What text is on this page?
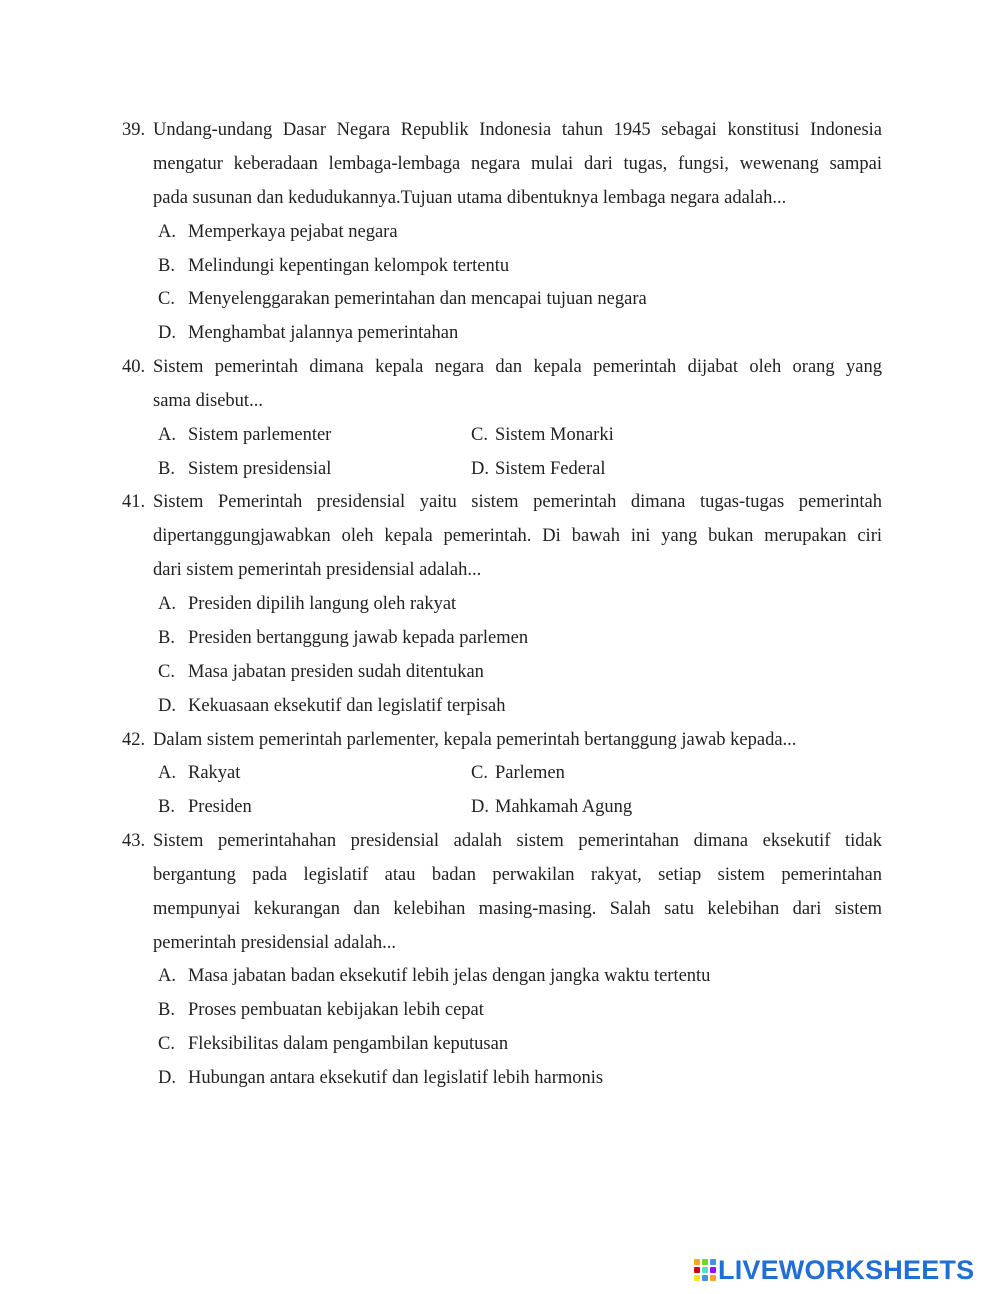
39. Undang-undang Dasar Negara Republik Indonesia tahun 1945 sebagai konstitusi Indonesia
mengatur keberadaan lembaga-lembaga negara mulai dari tugas, fungsi, wewenang sampai
pada susunan dan kedudukannya.Tujuan utama dibentuknya lembaga negara adalah...
A. Memperkaya pejabat negara
B. Melindungi kepentingan kelompok tertentu
C. Menyelenggarakan pemerintahan dan mencapai tujuan negara
D. Menghambat jalannya pemerintahan
40. Sistem pemerintah dimana kepala negara dan kepala pemerintah dijabat oleh orang yang
sama disebut...
A. Sistem parlementer
B. Sistem presidensial
C. Sistem Monarki
D. Sistem Federal
41. Sistem Pemerintah presidensial yaitu sistem pemerintah dimana tugas-tugas pemerintah
dipertanggungjawabkan oleh kepala pemerintah. Di bawah ini yang bukan merupakan ciri
dari sistem pemerintah presidensial adalah...
A. Presiden dipilih langung oleh rakyat
B. Presiden bertanggung jawab kepada parlemen
C. Masa jabatan presiden sudah ditentukan
D. Kekuasaan eksekutif dan legislatif terpisah
42. Dalam sistem pemerintah parlementer, kepala pemerintah bertanggung jawab kepada...
A. Rakyat
B. Presiden
C. Parlemen
D. Mahkamah Agung
43. Sistem pemerintahahan presidensial adalah sistem pemerintahan dimana eksekutif tidak
bergantung pada legislatif atau badan perwakilan rakyat, setiap sistem pemerintahan
mempunyai kekurangan dan kelebihan masing-masing. Salah satu kelebihan dari sistem
pemerintah presidensial adalah...
A. Masa jabatan badan eksekutif lebih jelas dengan jangka waktu tertentu
B. Proses pembuatan kebijakan lebih cepat
C. Fleksibilitas dalam pengambilan keputusan
D. Hubungan antara eksekutif dan legislatif lebih harmonis
LIVEWORKSHEETS
